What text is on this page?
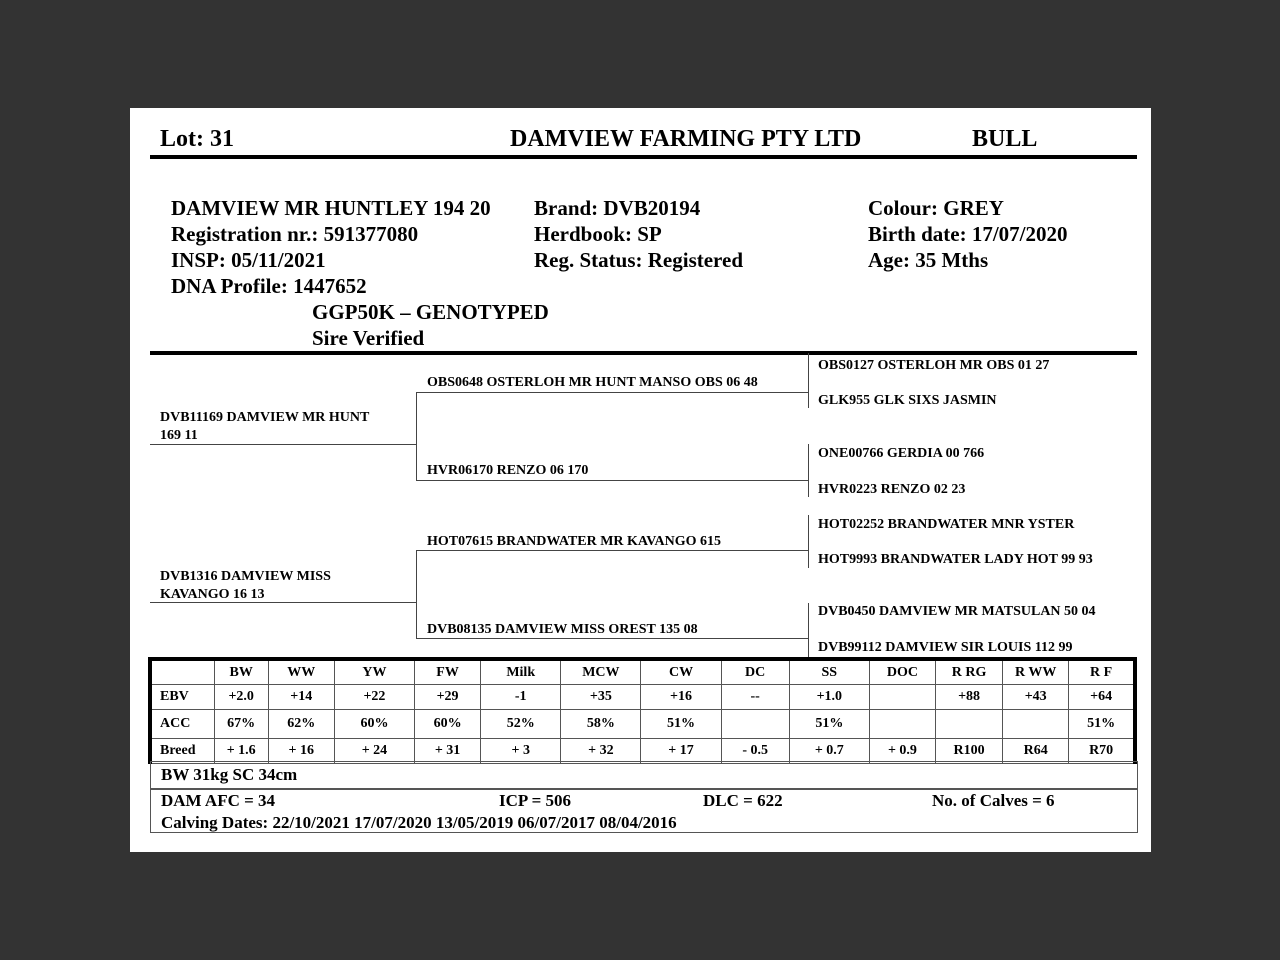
Lot: 31	DAMVIEW FARMING PTY LTD	BULL
DAMVIEW MR HUNTLEY 194 20
Registration nr.: 591377080
INSP: 05/11/2021
DNA Profile: 1447652
GGP50K – GENOTYPED
Sire Verified
Brand: DVB20194
Herdbook: SP
Reg. Status: Registered
Colour: GREY
Birth date: 17/07/2020
Age: 35 Mths
DVB11169 DAMVIEW MR HUNT
169 11
DVB1316 DAMVIEW MISS
KAVANGO 16 13
OBS0648 OSTERLOH MR HUNT MANSO OBS 06 48
HVR06170 RENZO 06 170
HOT07615 BRANDWATER MR KAVANGO 615
DVB08135 DAMVIEW MISS OREST 135 08
OBS0127 OSTERLOH MR OBS 01 27
GLK955 GLK SIXS JASMIN
ONE00766 GERDIA 00 766
HVR0223 RENZO 02 23
HOT02252 BRANDWATER MNR YSTER
HOT9993 BRANDWATER LADY HOT 99 93
DVB0450 DAMVIEW MR MATSULAN 50 04
DVB99112 DAMVIEW SIR LOUIS 112 99
	BW	WW	YW	FW	Milk	MCW	CW	DC	SS	DOC	R RG	R WW	R F
EBV	+2.0	+14	+22	+29	-1	+35	+16	--	+1.0		+88	+43	+64
ACC	67%	62%	60%	60%	52%	58%	51%		51%				51%
Breed	+ 1.6	+ 16	+ 24	+ 31	+ 3	+ 32	+ 17	- 0.5	+ 0.7	+ 0.9	R100	R64	R70
BW 31kg SC 34cm
DAM AFC = 34	ICP = 506	DLC = 622	No. of Calves = 6
Calving Dates: 22/10/2021 17/07/2020 13/05/2019 06/07/2017 08/04/2016
